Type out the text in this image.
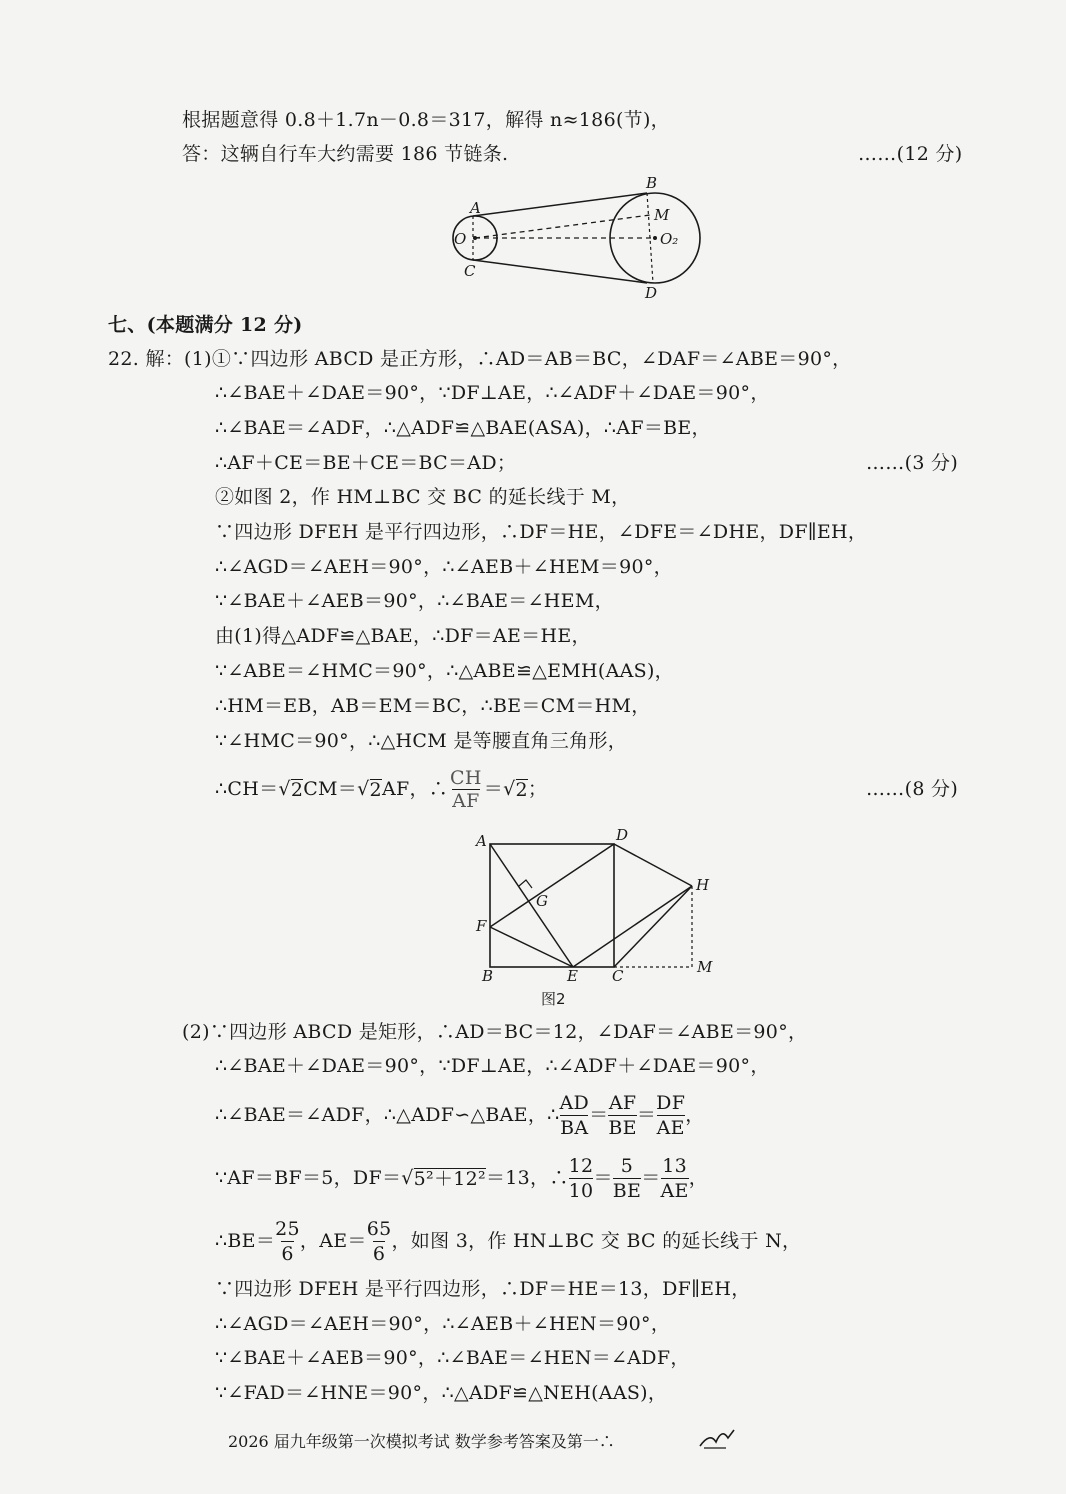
根据题意得 0.8＋1.7n－0.8＝317，解得 n≈186(节)，
答：这辆自行车大约需要 186 节链条.	……(12 分)
A
B
C
D
M
O	O₂
七、(本题满分 12 分)
22. 解：(1)①∵四边形 ABCD 是正方形，∴AD＝AB＝BC，∠DAF＝∠ABE＝90°，
∴∠BAE＋∠DAE＝90°，∵DF⊥AE，∴∠ADF＋∠DAE＝90°，
∴∠BAE＝∠ADF，∴△ADF≌△BAE(ASA)，∴AF＝BE，
∴AF＋CE＝BE＋CE＝BC＝AD；	……(3 分)
②如图 2，作 HM⊥BC 交 BC 的延长线于 M，
∵四边形 DFEH 是平行四边形，∴DF＝HE，∠DFE＝∠DHE，DF∥EH，
∴∠AGD＝∠AEH＝90°，∴∠AEB＋∠HEM＝90°，
∵∠BAE＋∠AEB＝90°，∴∠BAE＝∠HEM，
由(1)得△ADF≌△BAE，∴DF＝AE＝HE，
∵∠ABE＝∠HMC＝90°，∴△ABE≌△EMH(AAS)，
∴HM＝EB，AB＝EM＝BC，∴BE＝CM＝HM，
∵∠HMC＝90°，∴△HCM 是等腰直角三角形，
∴CH＝ √ 2 CM＝ √ 2 AF，∴ $\frac{CH}{AF}$ ＝ √ 2 ；	……(8 分)
A	D
H
G
F
B	E C	M
图2
(2)∵四边形 ABCD 是矩形，∴AD＝BC＝12，∠DAF＝∠ABE＝90°，
∴∠BAE＋∠DAE＝90°，∵DF⊥AE，∴∠ADF＋∠DAE＝90°，
∴∠BAE＝∠ADF，∴△ADF∽△BAE，∴ $\frac{AD}{BA} = \frac{AF}{BE} = \frac{DF}{AE}$ ，
∵AF＝BF＝5，DF＝ √ 5²＋12² ＝13，∴ $\frac{12}{10} = \frac{5}{BE} = \frac{13}{AE}$ ，
∴BE＝ $\frac{25}{6}$ ，$AE= \frac{65}{6}$ ，如图 3，作 HN⊥BC 交 BC 的延长线于 N，
∵四边形 DFEH 是平行四边形，∴DF＝HE＝13，DF∥EH，
∴∠AGD＝∠AEH＝90°，∴∠AEB＋∠HEN＝90°，
∵∠BAE＋∠AEB＝90°，∴∠BAE＝∠HEN＝∠ADF，
∵∠FAD＝∠HNE＝90°，∴△ADF≌△NEH(AAS)，
2026 届九年级第一次模拟考试 数学参考答案及第一∴
